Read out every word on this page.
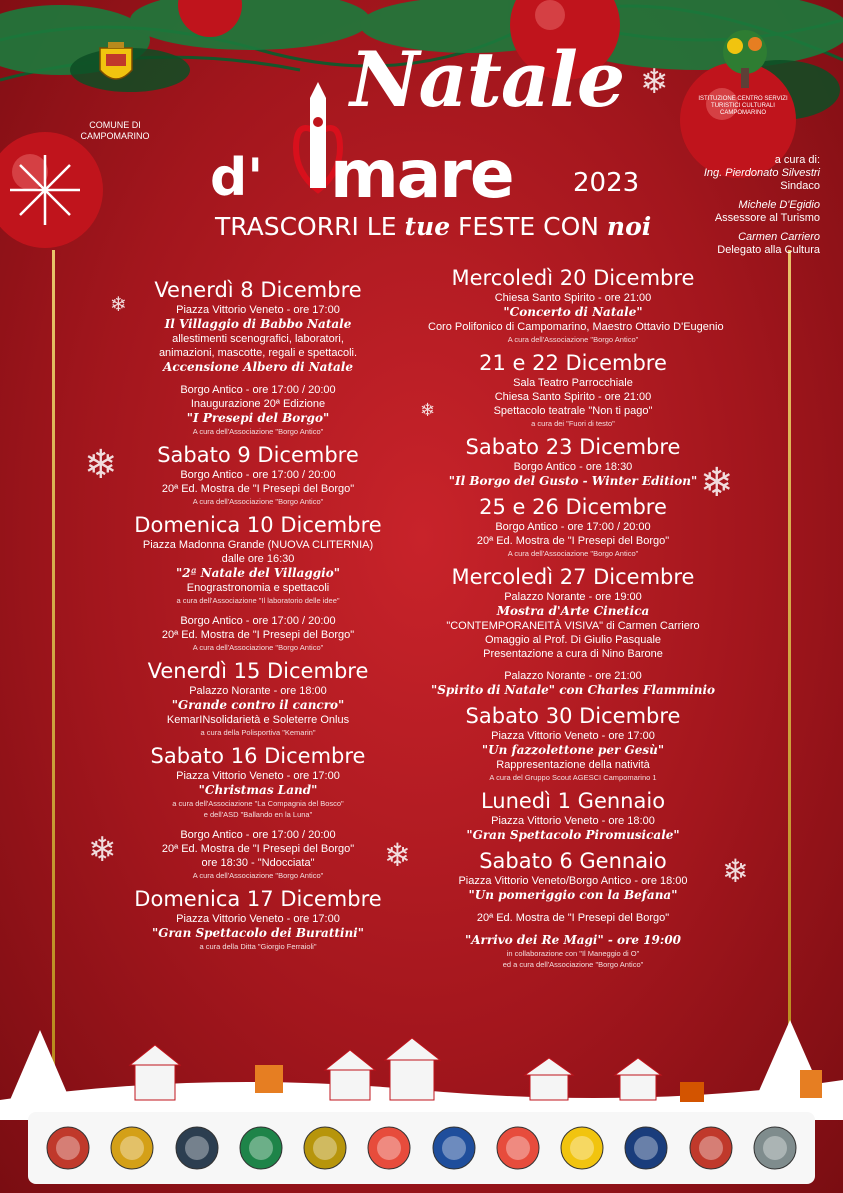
COMUNE DI
CAMPOMARINO
Natale
d' mare 2023
TRASCORRI LE tue FESTE CON noi
ISTITUZIONE CENTRO SERVIZI TURISTICI CULTURALI CAMPOMARINO
a cura di:
Ing. Pierdonato Silvestri
Sindaco
Michele D'Egidio
Assessore al Turismo
Carmen Carriero
Delegato alla Cultura
❄
❄
❄
❄
❄	❄	❄
❄
Venerdì 8 Dicembre
Piazza Vittorio Veneto - ore 17:00
Il Villaggio di Babbo Natale
allestimenti scenografici, laboratori,
animazioni, mascotte, regali e spettacoli.
Accensione Albero di Natale
Borgo Antico - ore 17:00 / 20:00
Inaugurazione 20ª Edizione
"I Presepi del Borgo"
A cura dell'Associazione "Borgo Antico"
Sabato 9 Dicembre
Borgo Antico - ore 17:00 / 20:00
20ª Ed. Mostra de "I Presepi del Borgo"
A cura dell'Associazione "Borgo Antico"
Domenica 10 Dicembre
Piazza Madonna Grande (NUOVA CLITERNIA)
dalle ore 16:30
"2ª Natale del Villaggio"
Enograstronomia e spettacoli
a cura dell'Associazione "Il laboratorio delle idee"
Borgo Antico - ore 17:00 / 20:00
20ª Ed. Mostra de "I Presepi del Borgo"
A cura dell'Associazione "Borgo Antico"
Venerdì 15 Dicembre
Palazzo Norante - ore 18:00
"Grande contro il cancro"
KemarINsolidarietà e Soleterre Onlus
a cura della Polisportiva "Kemarin"
Sabato 16 Dicembre
Piazza Vittorio Veneto - ore 17:00
"Christmas Land"
a cura dell'Associazione "La Compagnia del Bosco"
e dell'ASD "Ballando en la Luna"
Borgo Antico - ore 17:00 / 20:00
20ª Ed. Mostra de "I Presepi del Borgo"
ore 18:30 - "Ndocciata"
A cura dell'Associazione "Borgo Antico"
Domenica 17 Dicembre
Piazza Vittorio Veneto - ore 17:00
"Gran Spettacolo dei Burattini"
a cura della Ditta "Giorgio Ferraioli"
Mercoledì 20 Dicembre
Chiesa Santo Spirito - ore 21:00
"Concerto di Natale"
Coro Polifonico di Campomarino, Maestro Ottavio D'Eugenio
A cura dell'Associazione "Borgo Antico"
21 e 22 Dicembre
Sala Teatro Parrocchiale
Chiesa Santo Spirito - ore 21:00
Spettacolo teatrale "Non ti pago"
a cura dei "Fuori di testo"
Sabato 23 Dicembre
Borgo Antico - ore 18:30
"Il Borgo del Gusto - Winter Edition"
25 e 26 Dicembre
Borgo Antico - ore 17:00 / 20:00
20ª Ed. Mostra de "I Presepi del Borgo"
A cura dell'Associazione "Borgo Antico"
Mercoledì 27 Dicembre
Palazzo Norante - ore 19:00
Mostra d'Arte Cinetica
"CONTEMPORANEITÀ VISIVA" di Carmen Carriero
Omaggio al Prof. Di Giulio Pasquale
Presentazione a cura di Nino Barone
Palazzo Norante - ore 21:00
"Spirito di Natale" con Charles Flamminio
Sabato 30 Dicembre
Piazza Vittorio Veneto - ore 17:00
"Un fazzolettone per Gesù"
Rappresentazione della natività
A cura del Gruppo Scout AGESCI Campomarino 1
Lunedì 1 Gennaio
Piazza Vittorio Veneto - ore 18:00
"Gran Spettacolo Piromusicale"
Sabato 6 Gennaio
Piazza Vittorio Veneto/Borgo Antico - ore 18:00
"Un pomeriggio con la Befana"
20ª Ed. Mostra de "I Presepi del Borgo"
"Arrivo dei Re Magi" - ore 19:00
in collaborazione con "Il Maneggio di O"
ed a cura dell'Associazione "Borgo Antico"
